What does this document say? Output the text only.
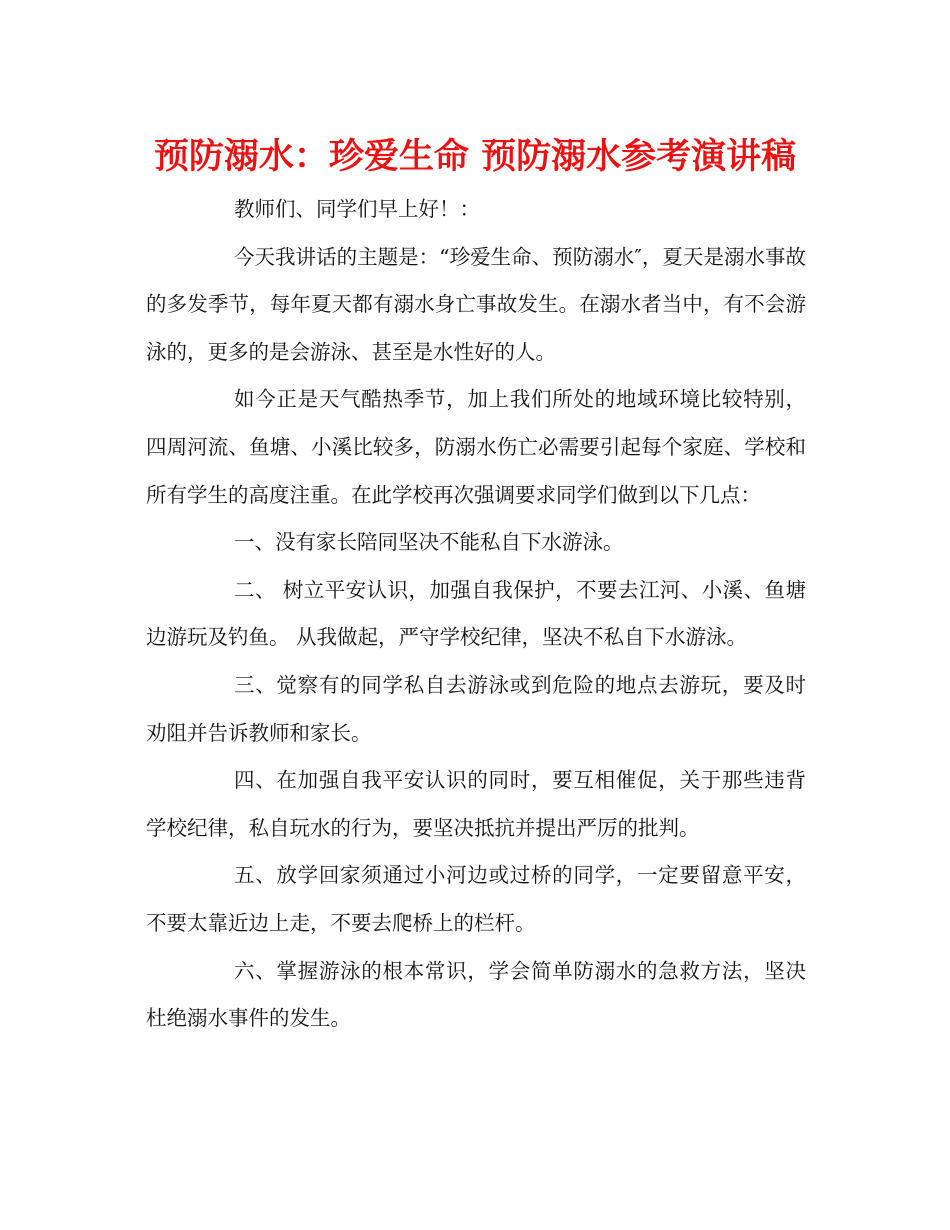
预防溺水：珍爱生命 预防溺水参考演讲稿

教师们、同学们早上好！：

今天我讲话的主题是：“珍爱生命、预防溺水″，夏天是溺水事故的多发季节，每年夏天都有溺水身亡事故发生。在溺水者当中，有不会游泳的，更多的是会游泳、甚至是水性好的人。

如今正是天气酷热季节，加上我们所处的地域环境比较特别，四周河流、鱼塘、小溪比较多，防溺水伤亡必需要引起每个家庭、学校和所有学生的高度注重。在此学校再次强调要求同学们做到以下几点：

一、没有家长陪同坚决不能私自下水游泳。

二、 树立平安认识，加强自我保护，不要去江河、小溪、鱼塘边游玩及钓鱼。 从我做起，严守学校纪律，坚决不私自下水游泳。

三、觉察有的同学私自去游泳或到危险的地点去游玩，要及时劝阻并告诉教师和家长。

四、在加强自我平安认识的同时，要互相催促，关于那些违背学校纪律，私自玩水的行为，要坚决抵抗并提出严厉的批判。

五、放学回家须通过小河边或过桥的同学，一定要留意平安，不要太靠近边上走，不要去爬桥上的栏杆。

六、掌握游泳的根本常识，学会简单防溺水的急救方法，坚决杜绝溺水事件的发生。
